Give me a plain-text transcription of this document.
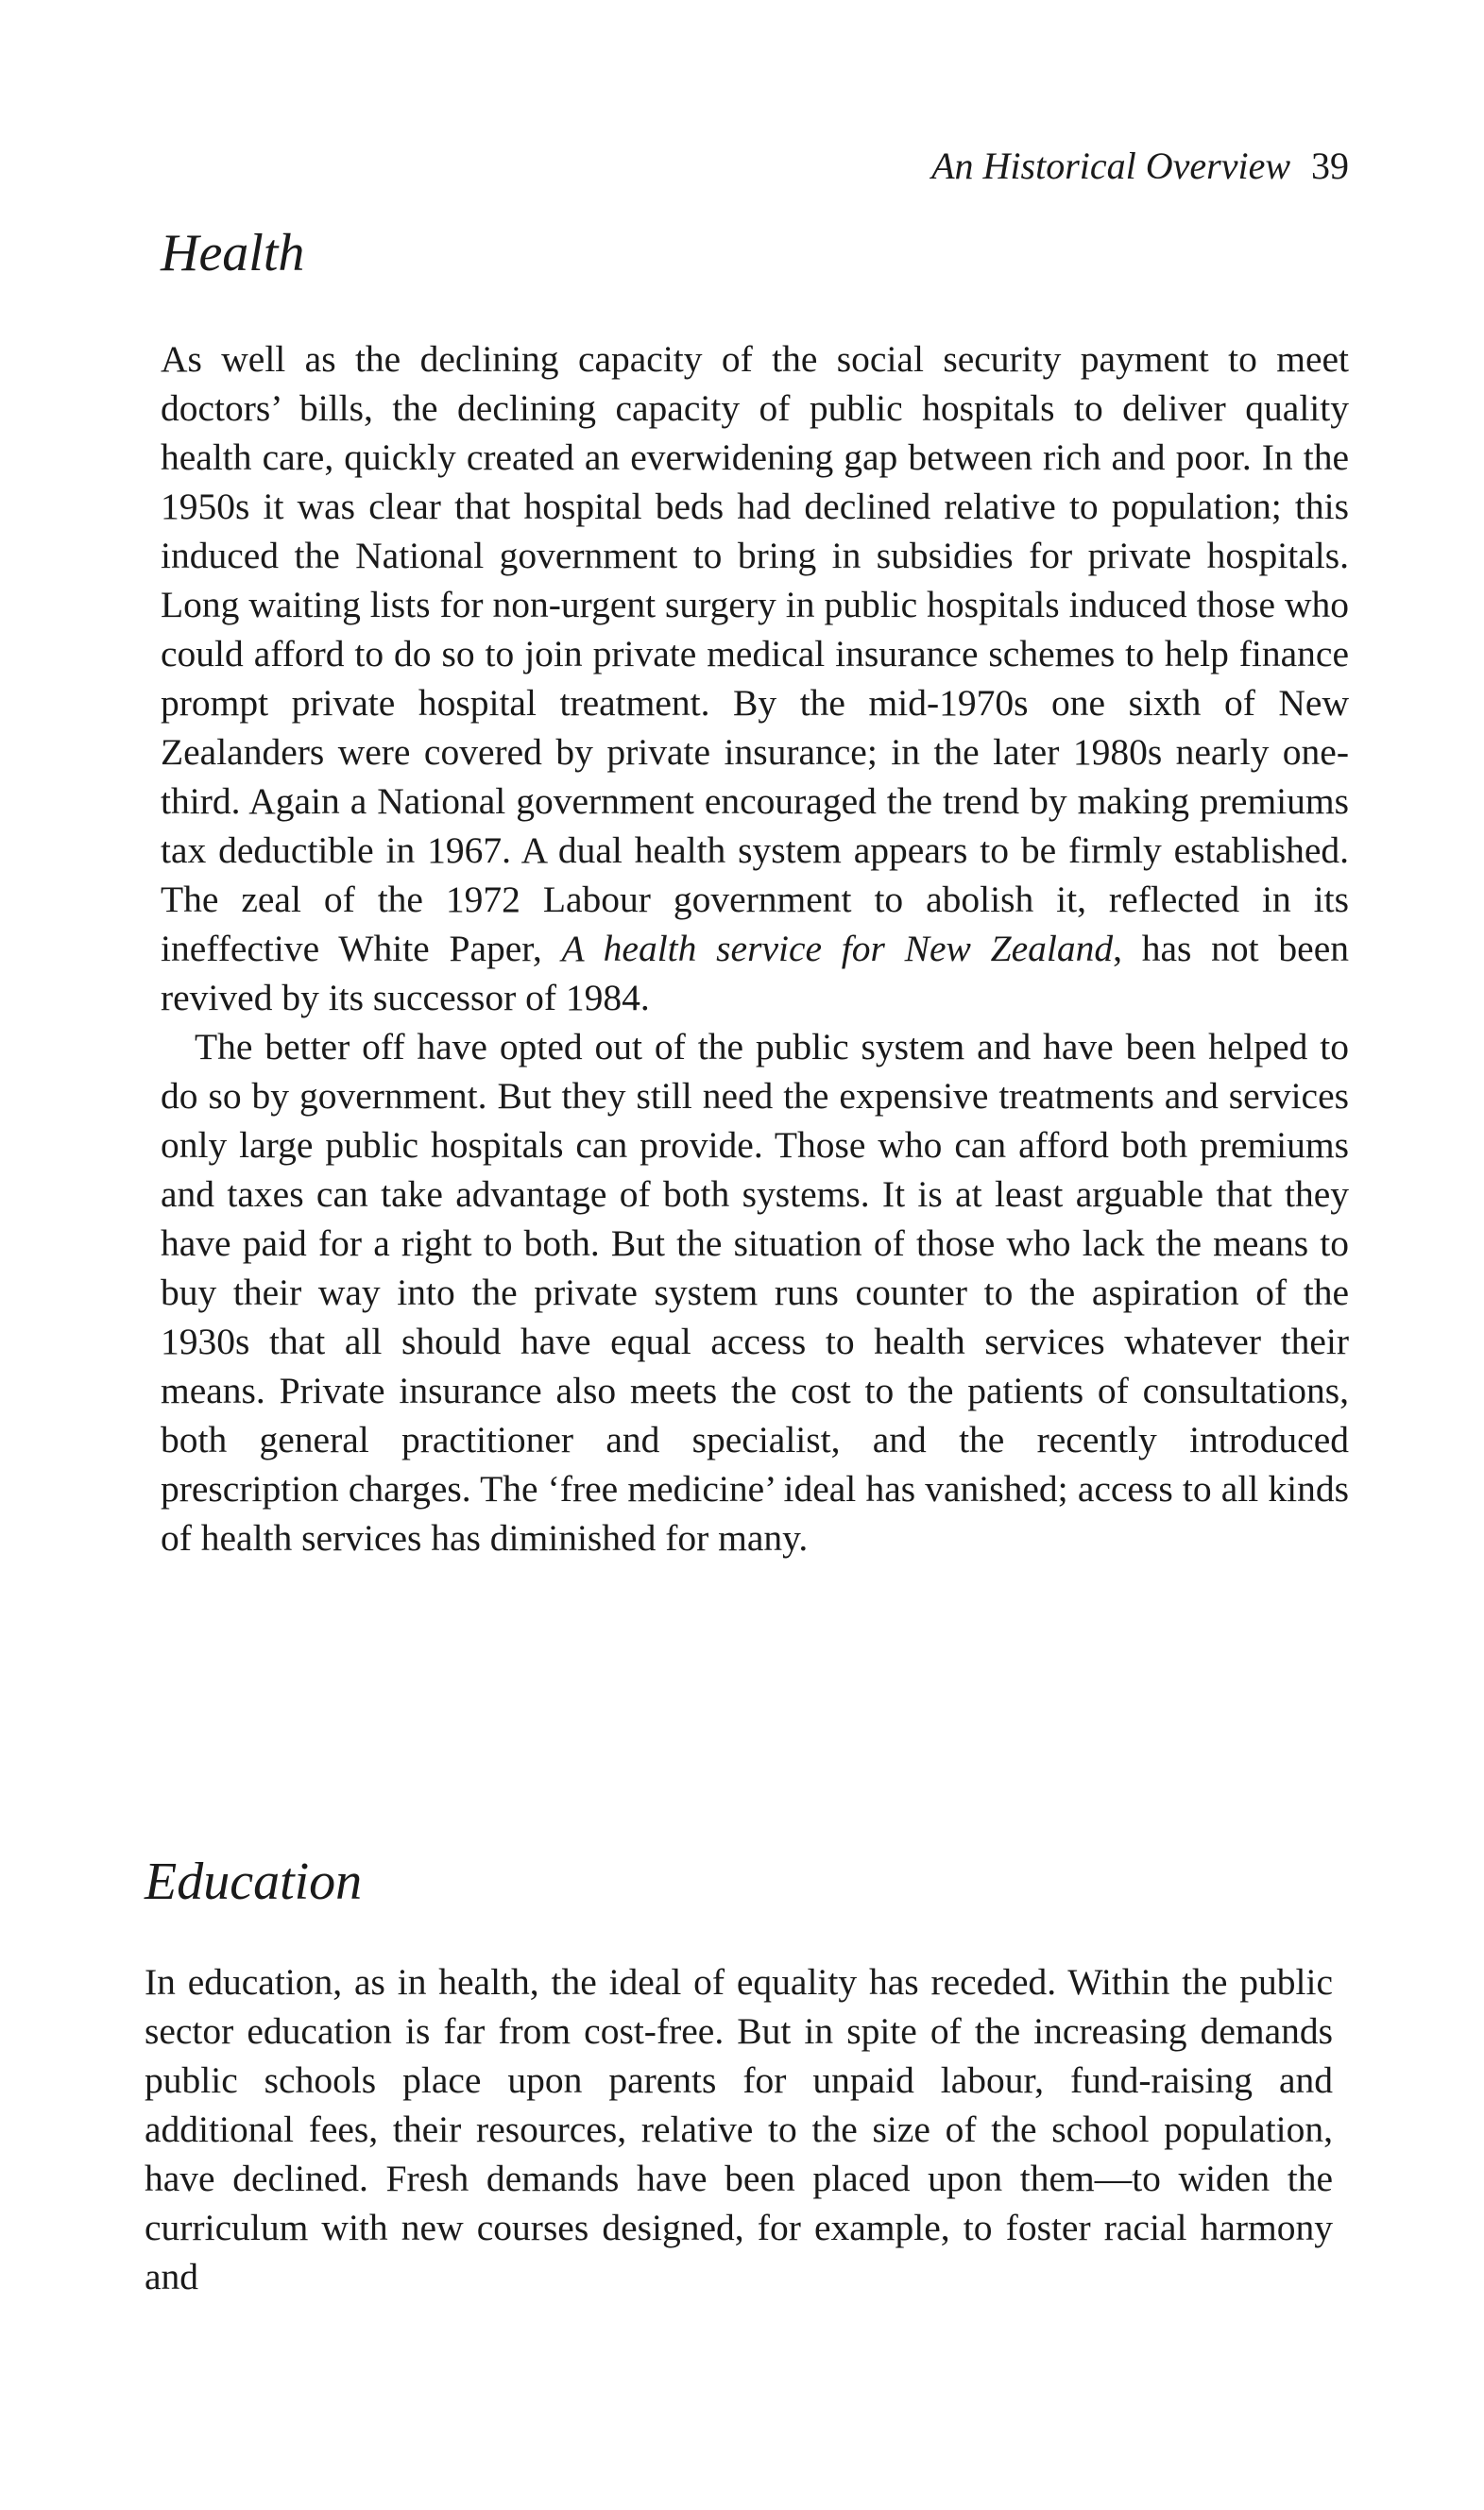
An Historical Overview 39
Health

As well as the declining capacity of the social security payment to meet doctors’ bills, the declining capacity of public hospitals to deliver quality health care, quickly created an everwidening gap between rich and poor. In the 1950s it was clear that hospital beds had declined relative to population; this induced the National government to bring in subsidies for private hospitals. Long waiting lists for non-urgent surgery in public hospitals induced those who could afford to do so to join private medical insurance schemes to help finance prompt private hospital treatment. By the mid-1970s one sixth of New Zealanders were covered by private insurance; in the later 1980s nearly one-third. Again a National government encouraged the trend by making premiums tax deductible in 1967. A dual health system appears to be firmly established. The zeal of the 1972 Labour government to abolish it, reflected in its ineffective White Paper, A health service for New Zealand, has not been revived by its successor of 1984.

The better off have opted out of the public system and have been helped to do so by government. But they still need the expensive treatments and services only large public hospitals can provide. Those who can afford both premiums and taxes can take advantage of both systems. It is at least arguable that they have paid for a right to both. But the situation of those who lack the means to buy their way into the private system runs counter to the aspiration of the 1930s that all should have equal access to health services whatever their means. Private insurance also meets the cost to the patients of consultations, both general practitioner and specialist, and the recently introduced prescription charges. The ‘free medicine’ ideal has vanished; access to all kinds of health services has diminished for many.

Education

In education, as in health, the ideal of equality has receded. Within the public sector education is far from cost-free. But in spite of the increasing demands public schools place upon parents for unpaid labour, fund-raising and additional fees, their resources, relative to the size of the school population, have declined. Fresh demands have been placed upon them—to widen the curriculum with new courses designed, for example, to foster racial harmony and
